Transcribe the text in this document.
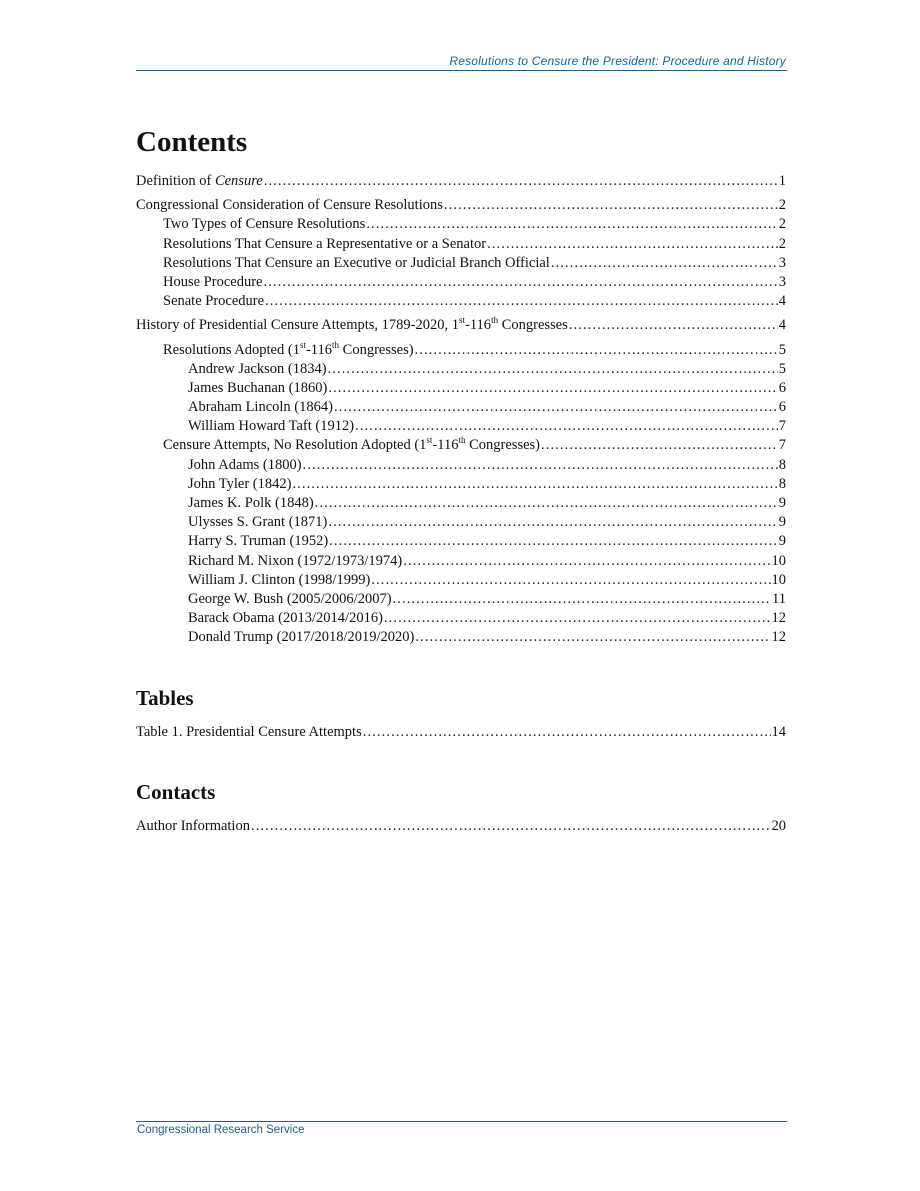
Resolutions to Censure the President: Procedure and History
Contents
Definition of Censure .....	1
Congressional Consideration of Censure Resolutions .....	2
Two Types of Censure Resolutions .....	2
Resolutions That Censure a Representative or a Senator .....	2
Resolutions That Censure an Executive or Judicial Branch Official .....	3
House Procedure .....	3
Senate Procedure .....	4
History of Presidential Censure Attempts, 1789-2020, 1st-116th Congresses .....	4
Resolutions Adopted (1st-116th Congresses) .....	5
Andrew Jackson (1834) .....	5
James Buchanan (1860) .....	6
Abraham Lincoln (1864) .....	6
William Howard Taft (1912) .....	7
Censure Attempts, No Resolution Adopted (1st-116th Congresses) .....	7
John Adams (1800) .....	8
John Tyler (1842) .....	8
James K. Polk (1848) .....	9
Ulysses S. Grant (1871) .....	9
Harry S. Truman (1952) .....	9
Richard M. Nixon (1972/1973/1974) .....	10
William J. Clinton (1998/1999) .....	10
George W. Bush (2005/2006/2007) .....	11
Barack Obama (2013/2014/2016) .....	12
Donald Trump (2017/2018/2019/2020) .....	12
Tables
Table 1. Presidential Censure Attempts .....	14
Contacts
Author Information .....	20
Congressional Research Service
